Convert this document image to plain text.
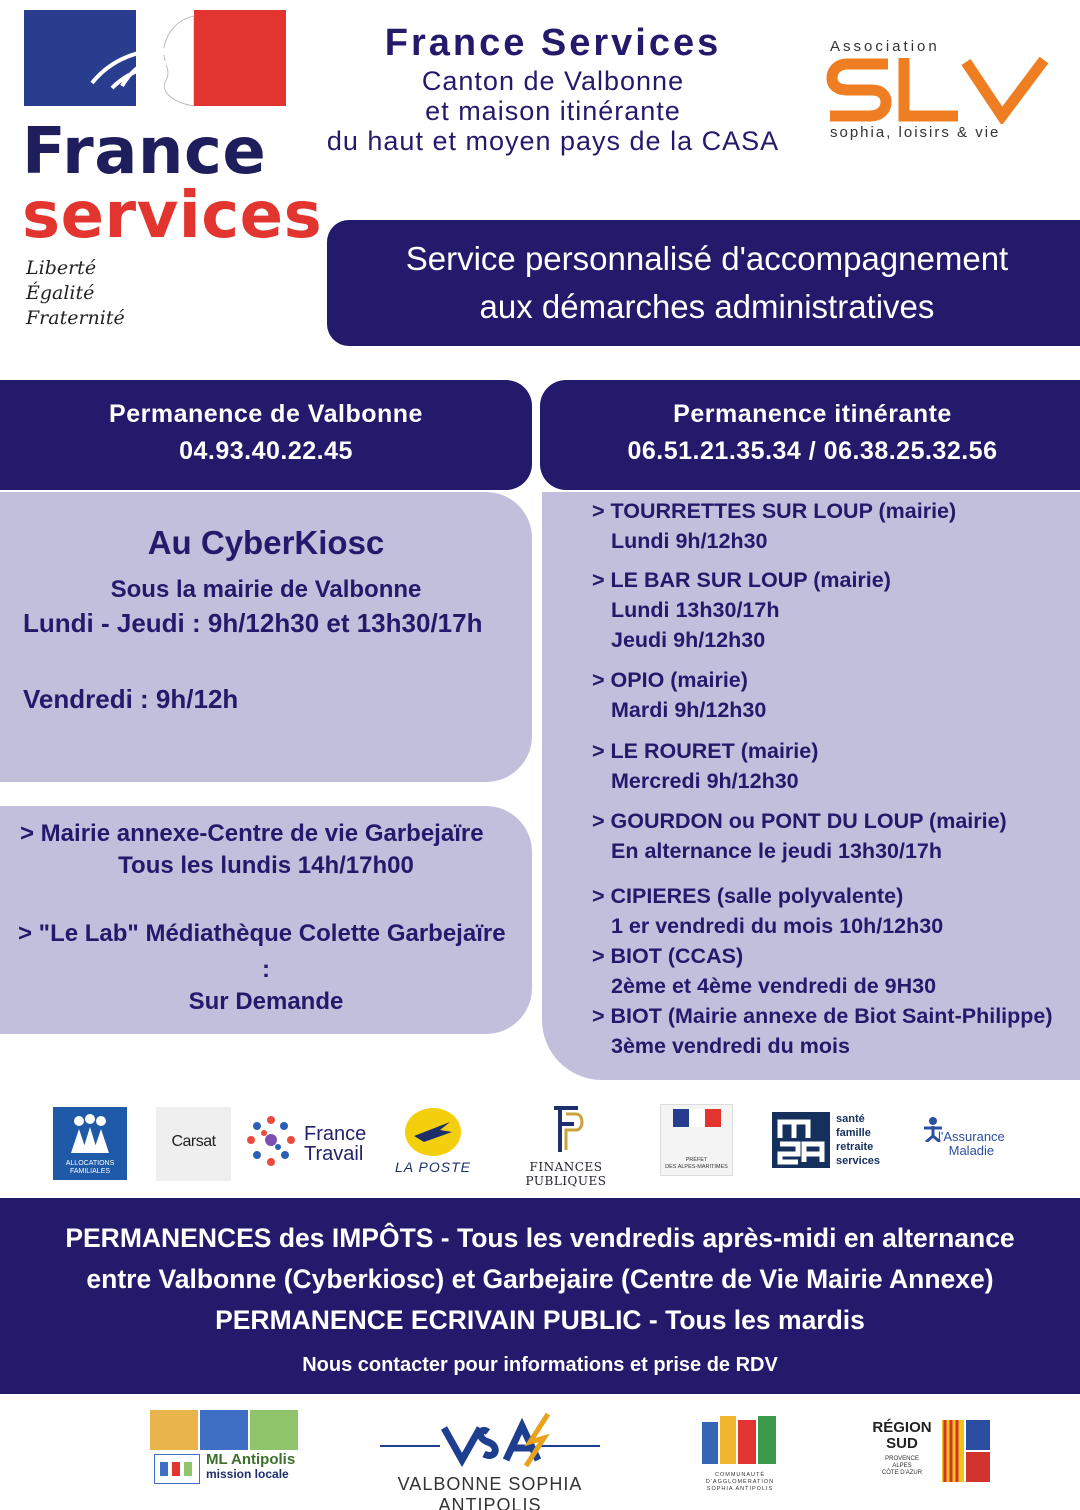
France
services
Liberté
Égalité
Fraternité
France Services
Canton de Valbonne
et maison itinérante
du haut et moyen pays de la CASA
Association
sophia, loisirs & vie
Service personnalisé d'accompagnement
aux démarches administratives
Permanence de Valbonne
04.93.40.22.45
Permanence itinérante
06.51.21.35.34 / 06.38.25.32.56
Au CyberKiosc
Sous la mairie de Valbonne
Lundi - Jeudi : 9h/12h30 et 13h30/17h
Vendredi : 9h/12h
> Mairie annexe-Centre de vie Garbejaïre
Tous les lundis 14h/17h00
> "Le Lab" Médiathèque Colette Garbejaïre
:
Sur Demande
> TOURRETTES SUR LOUP (mairie)
Lundi 9h/12h30
> LE BAR SUR LOUP (mairie)
Lundi 13h30/17h
Jeudi 9h/12h30
> OPIO (mairie)
Mardi 9h/12h30
> LE ROURET (mairie)
Mercredi 9h/12h30
> GOURDON ou PONT DU LOUP (mairie)
En alternance le jeudi 13h30/17h
> CIPIERES (salle polyvalente)
1 er vendredi du mois 10h/12h30
> BIOT (CCAS)
2ème et 4ème vendredi de 9H30
> BIOT (Mairie annexe de Biot Saint-Philippe)
3ème vendredi du mois
ALLOCATIONS FAMILIALES
Carsat	France
Travail
LA POSTE	FINANCES PUBLIQUES
PRÉFET
DES ALPES-MARITIMES
santé
famille
retraite
services
l'Assurance
Maladie
PERMANENCES des IMPÔTS - Tous les vendredis après-midi en alternance
entre Valbonne (Cyberkiosc) et Garbejaire (Centre de Vie Mairie Annexe)
PERMANENCE ECRIVAIN PUBLIC - Tous les mardis
Nous contacter pour informations et prise de RDV
ML Antipolis
mission locale	VALBONNE SOPHIA ANTIPOLIS
COMMUNAUTÉ
D'AGGLOMÉRATION
SOPHIA ANTIPOLIS
RÉGION
SUD
PROVENCE
ALPES
CÔTE D'AZUR
